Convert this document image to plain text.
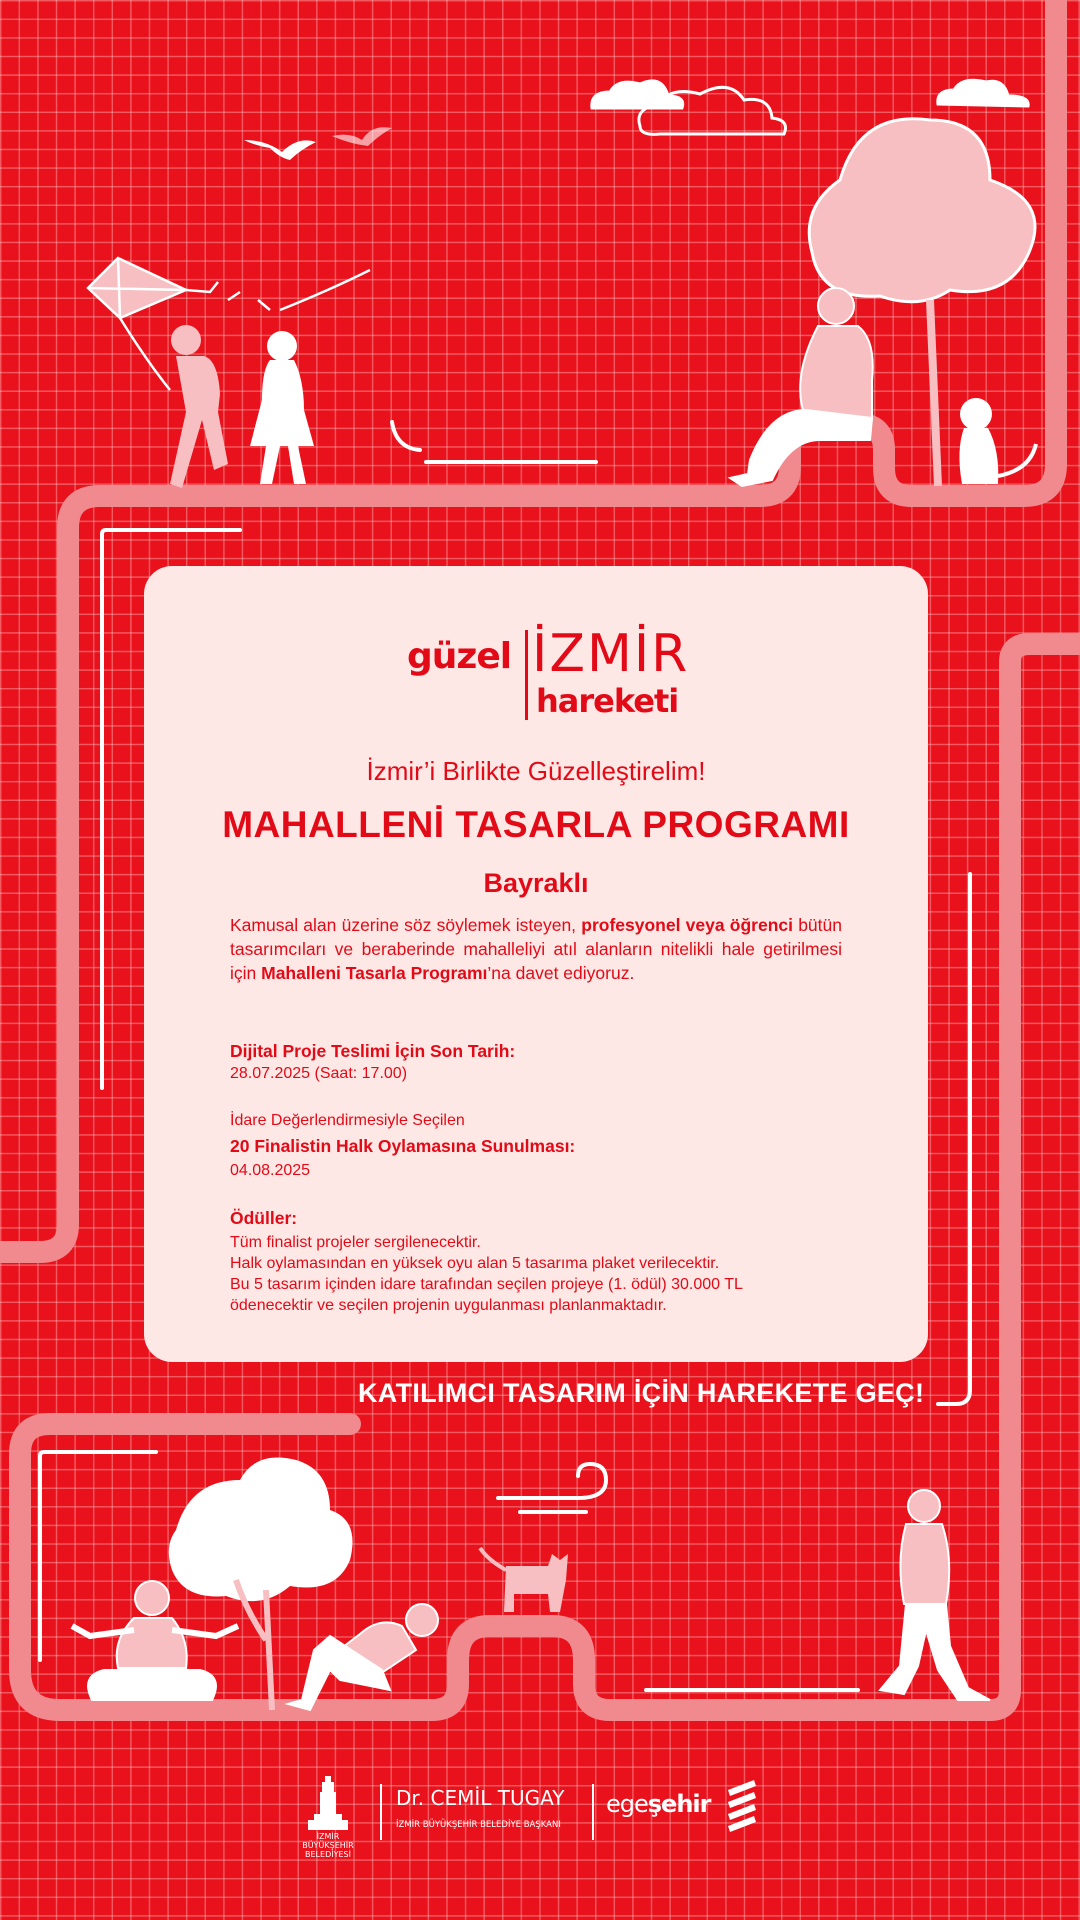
güzel İZMİR
hareketi
İzmir’i Birlikte Güzelleştirelim!
MAHALLENİ TASARLA PROGRAMI
Bayraklı
Kamusal alan üzerine söz söylemek isteyen, profesyonel veya öğrenci bütün tasarımcıları ve beraberinde mahalleliyi atıl alanların nitelikli hale getirilmesi için Mahalleni Tasarla Programı’na davet ediyoruz.
Dijital Proje Teslimi İçin Son Tarih:
28.07.2025 (Saat: 17.00)
İdare Değerlendirmesiyle Seçilen
20 Finalistin Halk Oylamasına Sunulması:
04.08.2025
Ödüller:
Tüm finalist projeler sergilenecektir.
Halk oylamasından en yüksek oyu alan 5 tasarıma plaket verilecektir.
Bu 5 tasarım içinden idare tarafından seçilen projeye (1. ödül) 30.000 TL
ödenecektir ve seçilen projenin uygulanması planlanmaktadır.
KATILIMCI TASARIM İÇİN HAREKETE GEÇ!
İZMİR
BÜYÜKŞEHİR
BELEDİYESİ
Dr. CEMİL TUGAY
İZMİR BÜYÜKŞEHİR BELEDİYE BAŞKANI
egeşehir
